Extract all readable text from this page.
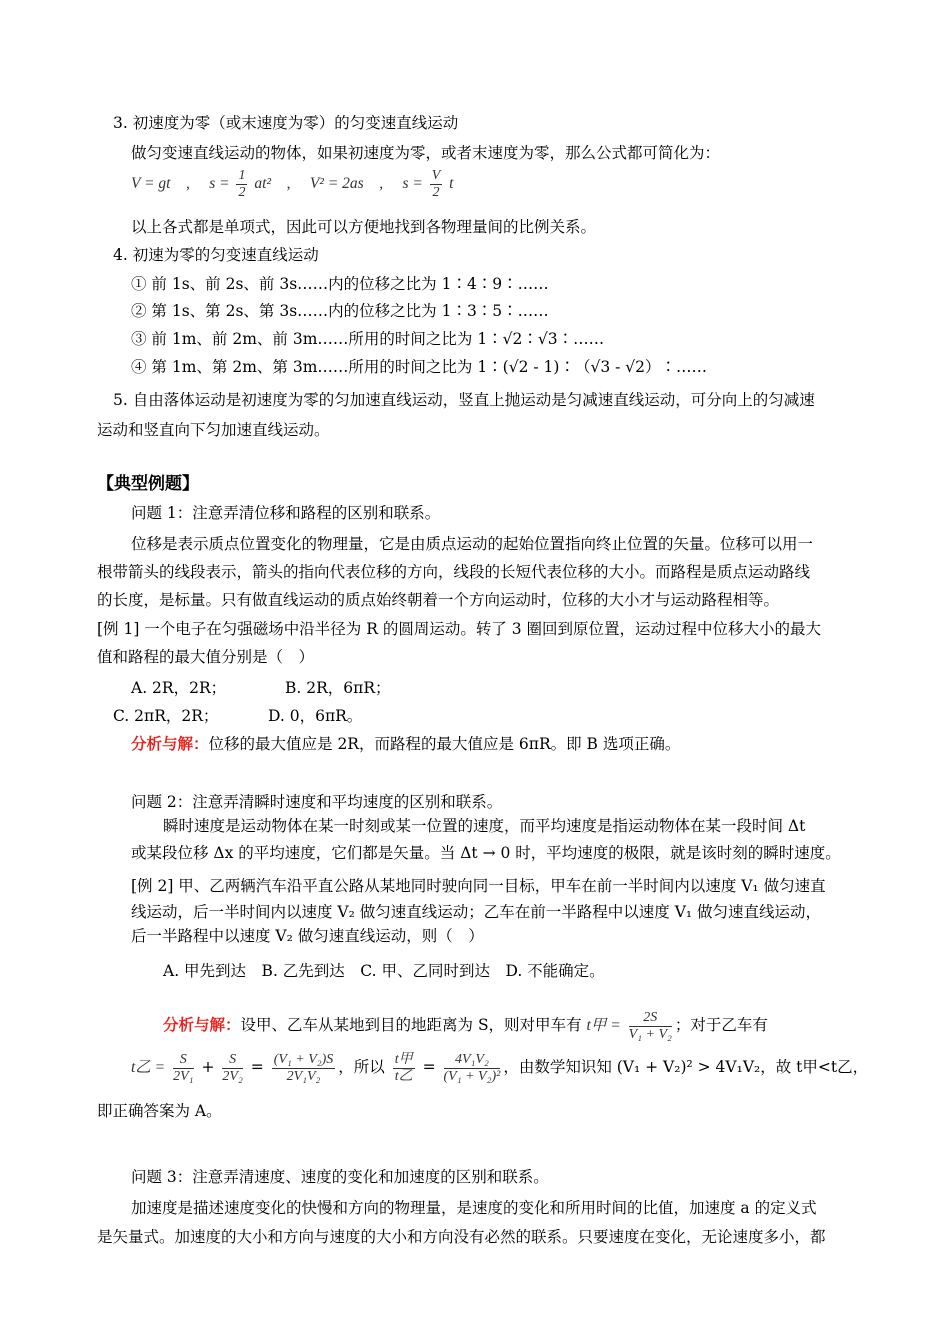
3. 初速度为零（或末速度为零）的匀变速直线运动
做匀变速直线运动的物体，如果初速度为零，或者末速度为零，那么公式都可简化为：
V = gt　,　 $s = \frac{1}{2} at^2$　,　 V² = 2as　,　 $s = \frac{V}{2}$ t
以上各式都是单项式，因此可以方便地找到各物理量间的比例关系。
4. 初速为零的匀变速直线运动
① 前 1s、前 2s、前 3s……内的位移之比为 1∶4∶9∶……
② 第 1s、第 2s、第 3s……内的位移之比为 1∶3∶5∶……
③ 前 1m、前 2m、前 3m……所用的时间之比为 1∶√2∶√3∶……
④ 第 1m、第 2m、第 3m……所用的时间之比为 1∶(√2 - 1)∶（√3 - √2）∶……
5. 自由落体运动是初速度为零的匀加速直线运动，竖直上抛运动是匀减速直线运动，可分向上的匀减速
运动和竖直向下匀加速直线运动。
【典型例题】
问题 1：注意弄清位移和路程的区别和联系。
位移是表示质点位置变化的物理量，它是由质点运动的起始位置指向终止位置的矢量。位移可以用一
根带箭头的线段表示，箭头的指向代表位移的方向，线段的长短代表位移的大小。而路程是质点运动路线
的长度，是标量。只有做直线运动的质点始终朝着一个方向运动时，位移的大小才与运动路程相等。
[例 1] 一个电子在匀强磁场中沿半径为 R 的圆周运动。转了 3 圈回到原位置，运动过程中位移大小的最大
值和路程的最大值分别是（　）
A. 2R，2R；	B. 2R，6πR；
C. 2πR，2R；	D. 0，6πR。
分析与解：位移的最大值应是 2R，而路程的最大值应是 6πR。即 B 选项正确。
问题 2：注意弄清瞬时速度和平均速度的区别和联系。
瞬时速度是运动物体在某一时刻或某一位置的速度，而平均速度是指运动物体在某一段时间 Δt
或某段位移 Δx 的平均速度，它们都是矢量。当 Δt → 0 时，平均速度的极限，就是该时刻的瞬时速度。
[例 2] 甲、乙两辆汽车沿平直公路从某地同时驶向同一目标，甲车在前一半时间内以速度 V₁ 做匀速直
线运动，后一半时间内以速度 V₂ 做匀速直线运动；乙车在前一半路程中以速度 V₁ 做匀速直线运动，
后一半路程中以速度 V₂ 做匀速直线运动，则（　）
A. 甲先到达　B. 乙先到达　C. 甲、乙同时到达　D. 不能确定。
分析与解：设甲、乙车从某地到目的地距离为 S，则对甲车有 t甲 = $\frac{2S}{\text{V₁ + V₂}}$ ；对于乙车有
t乙 = $\frac{S}{\text{2V₁}} + \frac{S}{\text{2V₂}} = \frac{\text{(V₁ + V₂)S}}{\text{2V₁V₂}}$ ，所以 $\frac{\text{t甲}}{\text{t乙}} = \frac{\text{4V₁V₂}}{\text{(V₁ + V₂)²}}$ ，由数学知识知 (V₁ + V₂)² > 4V₁V₂，故 t甲<t乙，
即正确答案为 A。
问题 3：注意弄清速度、速度的变化和加速度的区别和联系。
加速度是描述速度变化的快慢和方向的物理量，是速度的变化和所用时间的比值，加速度 a 的定义式
是矢量式。加速度的大小和方向与速度的大小和方向没有必然的联系。只要速度在变化，无论速度多小，都
